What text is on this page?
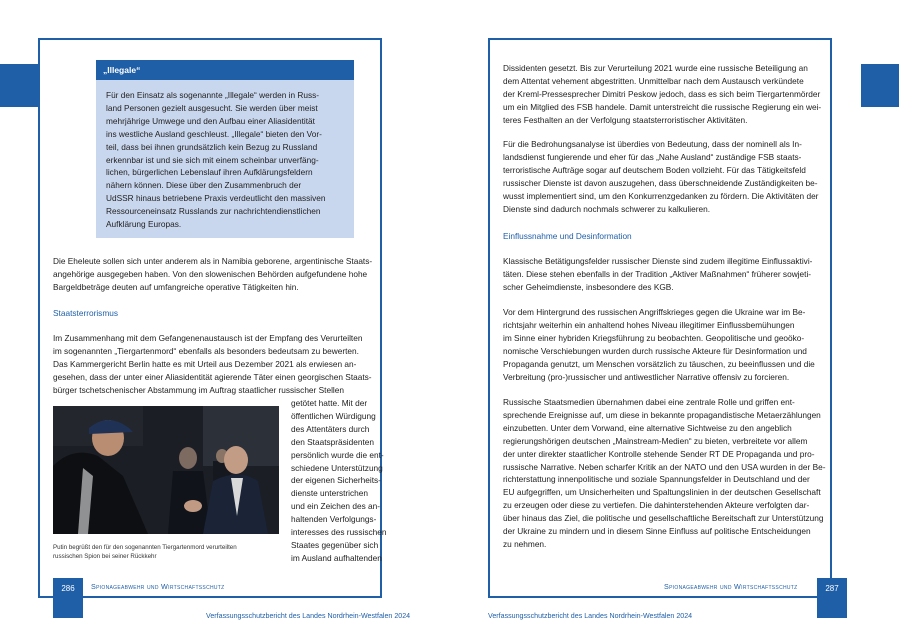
„Illegale“
Für den Einsatz als sogenannte „Illegale“ werden in Russ-
land Personen gezielt ausgesucht. Sie werden über meist
mehrjährige Umwege und den Aufbau einer Aliasidentität
ins westliche Ausland geschleust. „Illegale“ bieten den Vor-
teil, dass bei ihnen grundsätzlich kein Bezug zu Russland
erkennbar ist und sie sich mit einem scheinbar unverfäng-
lichen, bürgerlichen Lebenslauf ihren Aufklärungsfeldern
nähern können. Diese über den Zusammenbruch der
UdSSR hinaus betriebene Praxis verdeutlicht den massiven
Ressourceneinsatz Russlands zur nachrichtendienstlichen
Aufklärung Europas.

Die Eheleute sollen sich unter anderem als in Namibia geborene, argentinische Staats-
angehörige ausgegeben haben. Von den slowenischen Behörden aufgefundene hohe
Bargeldbeträge deuten auf umfangreiche operative Tätigkeiten hin.

Staatsterrorismus

Im Zusammenhang mit dem Gefangenenaustausch ist der Empfang des Verurteilten
im sogenannten „Tiergartenmord“ ebenfalls als besonders bedeutsam zu bewerten.
Das Kammergericht Berlin hatte es mit Urteil aus Dezember 2021 als erwiesen an-
gesehen, dass der unter einer Aliasidentität agierende Täter einen georgischen Staats-
bürger tschetschenischer Abstammung im Auftrag staatlicher russischer Stellen

getötet hatte. Mit der
öffentlichen Würdigung
des Attentäters durch
den Staatspräsidenten
persönlich wurde die ent-
schiedene Unterstützung
der eigenen Sicherheits-
dienste unterstrichen
und ein Zeichen des an-
haltenden Verfolgungs-
interesses des russischen
Staates gegenüber sich
im Ausland aufhaltenden

Putin begrüßt den für den sogenannten Tiergartenmord verurteilten
russischen Spion bei seiner Rückkehr
286	Spionageabwehr und Wirtschaftsschutz
Verfassungsschutzbericht des Landes Nordrhein-Westfalen 2024

Dissidenten gesetzt. Bis zur Verurteilung 2021 wurde eine russische Beteiligung an
dem Attentat vehement abgestritten. Unmittelbar nach dem Austausch verkündete
der Kreml-Pressesprecher Dimitri Peskow jedoch, dass es sich beim Tiergartenmörder
um ein Mitglied des FSB handele. Damit unterstreicht die russische Regierung ein wei-
teres Festhalten an der Verfolgung staatsterroristischer Aktivitäten.

Für die Bedrohungsanalyse ist überdies von Bedeutung, dass der nominell als In-
landsdienst fungierende und eher für das „Nahe Ausland“ zuständige FSB staats-
terroristische Aufträge sogar auf deutschem Boden vollzieht. Für das Tätigkeitsfeld
russischer Dienste ist davon auszugehen, dass überschneidende Zuständigkeiten be-
wusst implementiert sind, um den Konkurrenzgedanken zu fördern. Die Aktivitäten der
Dienste sind dadurch nochmals schwerer zu kalkulieren.

Einflussnahme und Desinformation

Klassische Betätigungsfelder russischer Dienste sind zudem illegitime Einflussaktivi-
täten. Diese stehen ebenfalls in der Tradition „Aktiver Maßnahmen“ früherer sowjeti-
scher Geheimdienste, insbesondere des KGB.

Vor dem Hintergrund des russischen Angriffskrieges gegen die Ukraine war im Be-
richtsjahr weiterhin ein anhaltend hohes Niveau illegitimer Einflussbemühungen
im Sinne einer hybriden Kriegsführung zu beobachten. Geopolitische und geoöko-
nomische Verschiebungen wurden durch russische Akteure für Desinformation und
Propaganda genutzt, um Menschen vorsätzlich zu täuschen, zu beeinflussen und die
Verbreitung (pro-)russischer und antiwestlicher Narrative offensiv zu forcieren.

Russische Staatsmedien übernahmen dabei eine zentrale Rolle und griffen ent-
sprechende Ereignisse auf, um diese in bekannte propagandistische Metaerzählungen
einzubetten. Unter dem Vorwand, eine alternative Sichtweise zu den angeblich
regierungshörigen deutschen „Mainstream-Medien“ zu bieten, verbreitete vor allem
der unter direkter staatlicher Kontrolle stehende Sender RT DE Propaganda und pro-
russische Narrative. Neben scharfer Kritik an der NATO und den USA wurden in der Be-
richterstattung innenpolitische und soziale Spannungsfelder in Deutschland und der
EU aufgegriffen, um Unsicherheiten und Spaltungslinien in der deutschen Gesellschaft
zu erzeugen oder diese zu vertiefen. Die dahinterstehenden Akteure verfolgten dar-
über hinaus das Ziel, die politische und gesellschaftliche Bereitschaft zur Unterstützung
der Ukraine zu mindern und in diesem Sinne Einfluss auf politische Entscheidungen
zu nehmen.

Spionageabwehr und Wirtschaftsschutz	287
Verfassungsschutzbericht des Landes Nordrhein-Westfalen 2024
